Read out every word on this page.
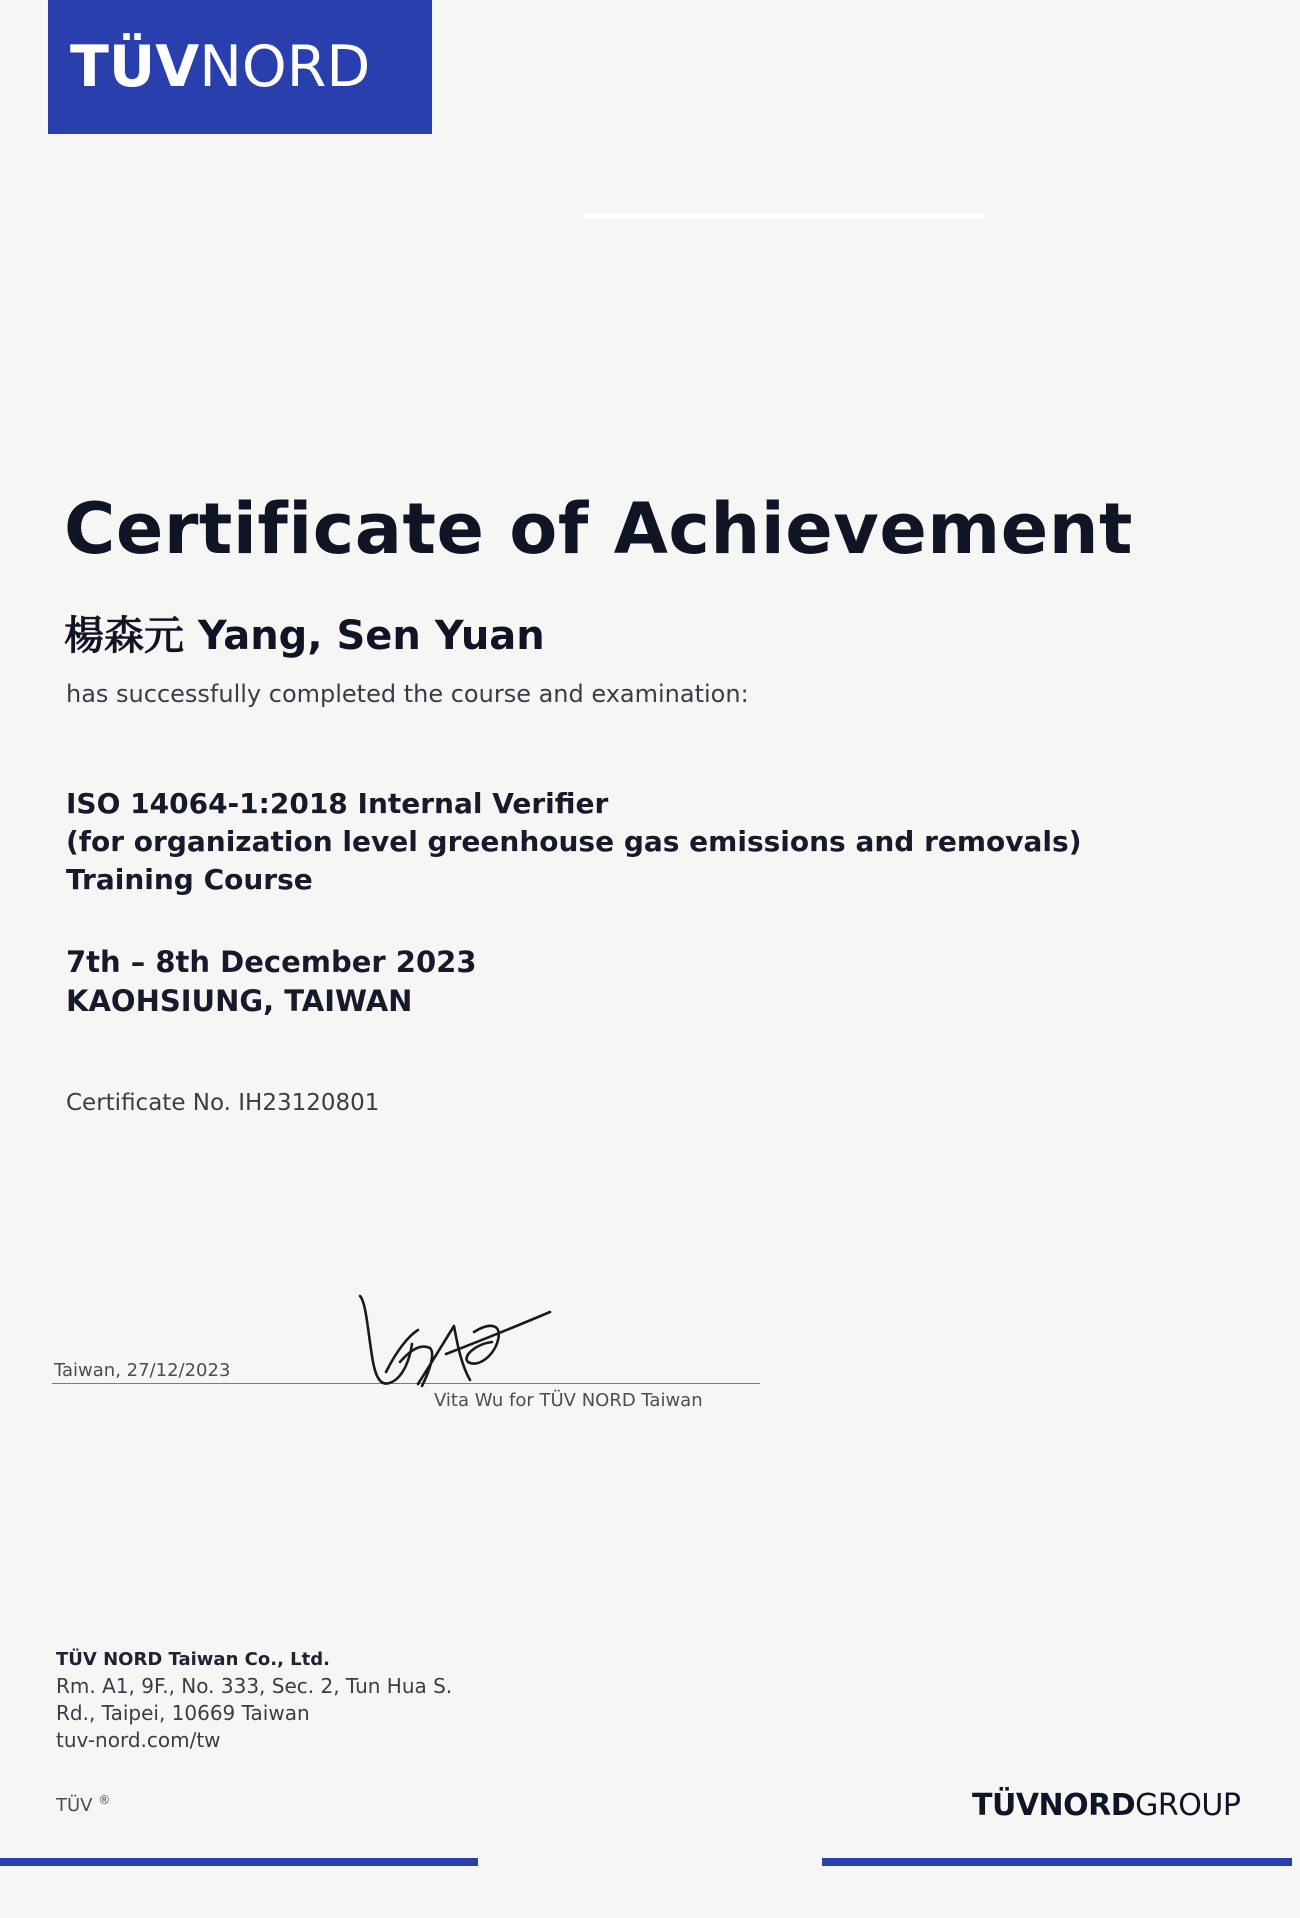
TÜVNORD
Certificate of Achievement
楊森元 Yang, Sen Yuan
has successfully completed the course and examination:
ISO 14064-1:2018 Internal Verifier
(for organization level greenhouse gas emissions and removals)
Training Course
7th – 8th December 2023
KAOHSIUNG, TAIWAN
Certificate No. IH23120801
Taiwan, 27/12/2023
Vita Wu for TÜV NORD Taiwan
TÜV NORD Taiwan Co., Ltd.
Rm. A1, 9F., No. 333, Sec. 2, Tun Hua S.
Rd., Taipei, 10669 Taiwan
tuv-nord.com/tw
TÜV ®	TÜVNORDGROUP
